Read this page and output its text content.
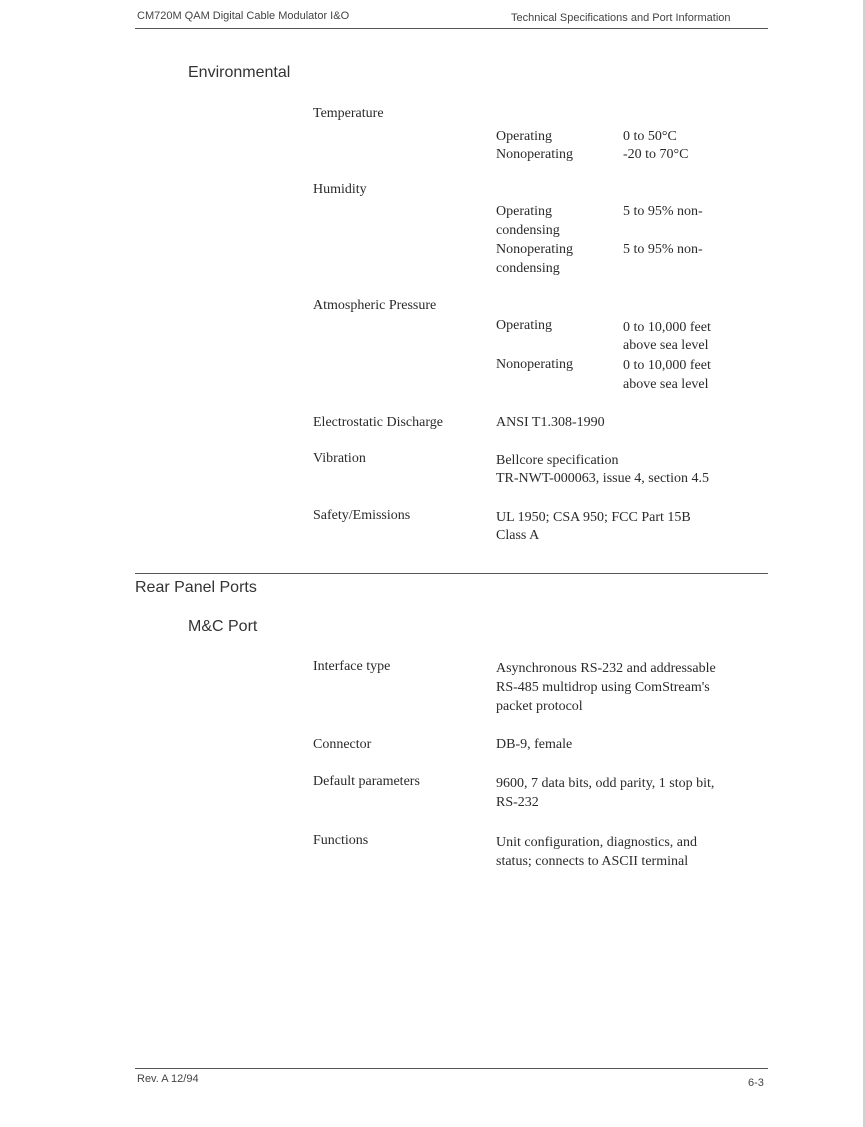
CM720M QAM Digital Cable Modulator I&O	Technical Specifications and Port Information
Environmental
Temperature
Operating	0 to 50°C
Nonoperating	-20 to 70°C
Humidity
Operating	5 to 95% non-
condensing
Nonoperating	5 to 95% non-
condensing
Atmospheric Pressure
Operating	0 to 10,000 feet
above sea level
Nonoperating	0 to 10,000 feet
above sea level
Electrostatic Discharge	ANSI T1.308-1990
Vibration	Bellcore specification
TR-NWT-000063, issue 4, section 4.5
Safety/Emissions	UL 1950; CSA 950; FCC Part 15B
Class A
Rear Panel Ports
M&C Port
Interface type	Asynchronous RS-232 and addressable
RS-485 multidrop using ComStream's
packet protocol
Connector	DB-9, female
Default parameters	9600, 7 data bits, odd parity, 1 stop bit,
RS-232
Functions	Unit configuration, diagnostics, and
status; connects to ASCII terminal
Rev. A 12/94	6-3
